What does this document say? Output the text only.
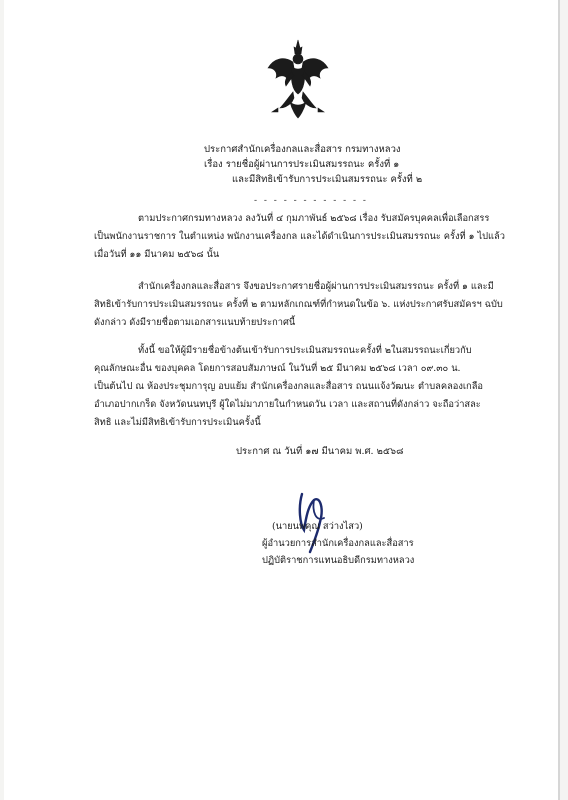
ประกาศสำนักเครื่องกลและสื่อสาร กรมทางหลวง
เรื่อง รายชื่อผู้ผ่านการประเมินสมรรถนะ ครั้งที่ ๑
และมีสิทธิเข้ารับการประเมินสมรรถนะ ครั้งที่ ๒
- - - - - - - - - - - -
ตามประกาศกรมทางหลวง ลงวันที่ ๔ กุมภาพันธ์ ๒๕๖๘ เรื่อง รับสมัครบุคคลเพื่อเลือกสรร
เป็นพนักงานราชการ ในตำแหน่ง พนักงานเครื่องกล และได้ดำเนินการประเมินสมรรถนะ ครั้งที่ ๑ ไปแล้ว
เมื่อวันที่ ๑๑ มีนาคม ๒๕๖๘ นั้น
สำนักเครื่องกลและสื่อสาร จึงขอประกาศรายชื่อผู้ผ่านการประเมินสมรรถนะ ครั้งที่ ๑ และมี
สิทธิเข้ารับการประเมินสมรรถนะ ครั้งที่ ๒ ตามหลักเกณฑ์ที่กำหนดในข้อ ๖. แห่งประกาศรับสมัครฯ ฉบับ
ดังกล่าว ดังมีรายชื่อตามเอกสารแนบท้ายประกาศนี้
ทั้งนี้ ขอให้ผู้มีรายชื่อข้างต้นเข้ารับการประเมินสมรรถนะครั้งที่ ๒ในสมรรถนะเกี่ยวกับ
คุณลักษณะอื่น ของบุคคล โดยการสอบสัมภาษณ์ ในวันที่ ๒๕ มีนาคม ๒๕๖๘ เวลา ๐๙.๓๐ น.
เป็นต้นไป ณ ห้องประชุมการุญ อบแย้ม สำนักเครื่องกลและสื่อสาร ถนนแจ้งวัฒนะ ตำบลคลองเกลือ
อำเภอปากเกร็ด จังหวัดนนทบุรี ผู้ใดไม่มาภายในกำหนดวัน เวลา และสถานที่ดังกล่าว จะถือว่าสละ
สิทธิ และไม่มีสิทธิเข้ารับการประเมินครั้งนี้
ประกาศ ณ วันที่ ๑๗ มีนาคม พ.ศ. ๒๕๖๘
(นายนพคุณ สว่างไสว)
ผู้อำนวยการสำนักเครื่องกลและสื่อสาร
ปฏิบัติราชการแทนอธิบดีกรมทางหลวง
